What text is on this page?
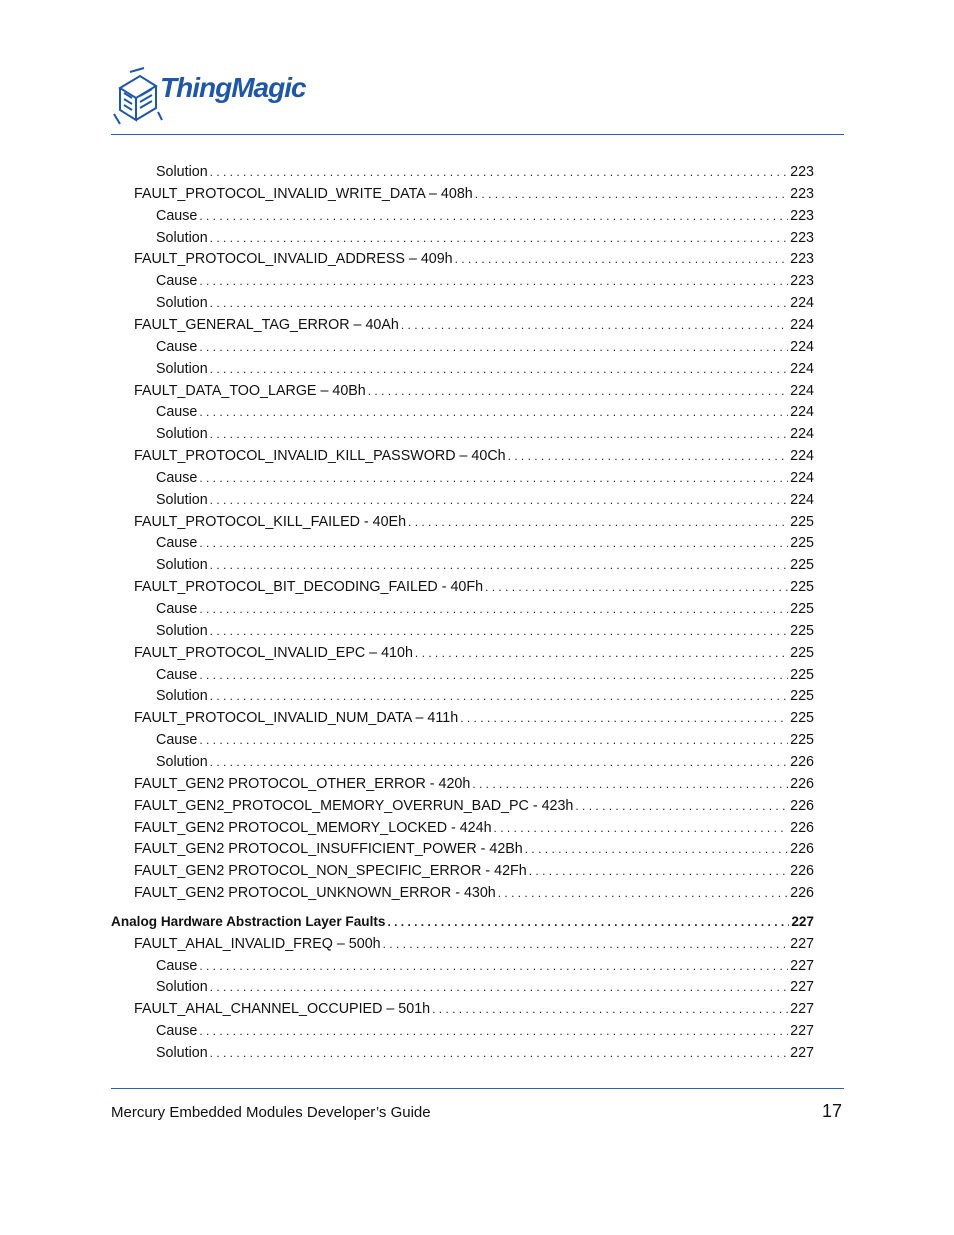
ThingMagic
Solution . . .	223
FAULT_PROTOCOL_INVALID_WRITE_DATA – 408h . . .	223
Cause . . .	223
Solution . . .	223
FAULT_PROTOCOL_INVALID_ADDRESS – 409h . . .	223
Cause . . .	223
Solution . . .	224
FAULT_GENERAL_TAG_ERROR – 40Ah . . .	224
Cause . . .	224
Solution . . .	224
FAULT_DATA_TOO_LARGE – 40Bh . . .	224
Cause . . .	224
Solution . . .	224
FAULT_PROTOCOL_INVALID_KILL_PASSWORD – 40Ch . . .	224
Cause . . .	224
Solution . . .	224
FAULT_PROTOCOL_KILL_FAILED - 40Eh . . .	225
Cause . . .	225
Solution . . .	225
FAULT_PROTOCOL_BIT_DECODING_FAILED - 40Fh . . .	225
Cause . . .	225
Solution . . .	225
FAULT_PROTOCOL_INVALID_EPC – 410h . . .	225
Cause . . .	225
Solution . . .	225
FAULT_PROTOCOL_INVALID_NUM_DATA – 411h . . .	225
Cause . . .	225
Solution . . .	226
FAULT_GEN2 PROTOCOL_OTHER_ERROR - 420h . . .	226
FAULT_GEN2_PROTOCOL_MEMORY_OVERRUN_BAD_PC - 423h . . .	226
FAULT_GEN2 PROTOCOL_MEMORY_LOCKED - 424h . . .	226
FAULT_GEN2 PROTOCOL_INSUFFICIENT_POWER - 42Bh . . .	226
FAULT_GEN2 PROTOCOL_NON_SPECIFIC_ERROR - 42Fh . . .	226
FAULT_GEN2 PROTOCOL_UNKNOWN_ERROR - 430h . . .	226
Analog Hardware Abstraction Layer Faults . . .	227
FAULT_AHAL_INVALID_FREQ – 500h . . .	227
Cause . . .	227
Solution . . .	227
FAULT_AHAL_CHANNEL_OCCUPIED – 501h . . .	227
Cause . . .	227
Solution . . .	227
Mercury Embedded Modules Developer’s Guide	17
